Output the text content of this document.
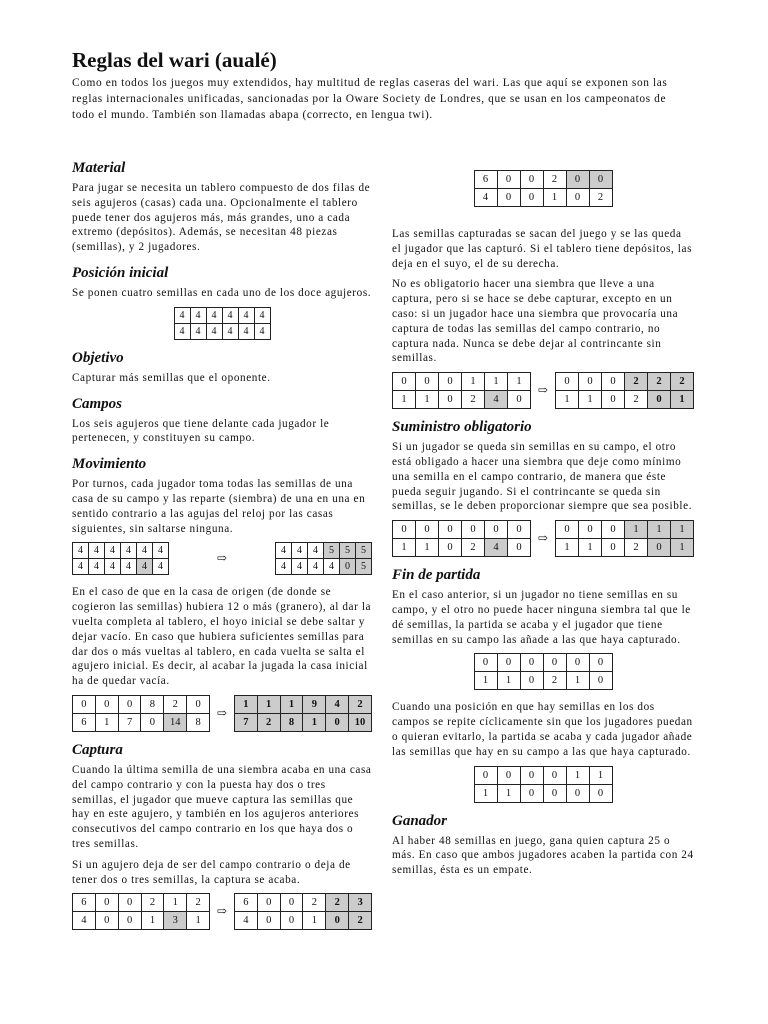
Reglas del wari (aualé)

Como en todos los juegos muy extendidos, hay multitud de reglas caseras del wari. Las que aquí se exponen son las reglas internacionales unificadas, sancionadas por la Oware Society de Londres, que se usan en los campeonatos de todo el mundo. También son llamadas abapa (correcto, en lengua twi).

Material

Para jugar se necesita un tablero compuesto de dos filas de seis agujeros (casas) cada una. Opcionalmente el tablero puede tener dos agujeros más, más grandes, uno a cada extremo (depósitos). Además, se necesitan 48 piezas (semillas), y 2 jugadores.

Posición inicial

Se ponen cuatro semillas en cada uno de los doce agujeros.

4	4	4	4	4	4
4	4	4	4	4	4
Objetivo

Capturar más semillas que el oponente.

Campos

Los seis agujeros que tiene delante cada jugador le pertenecen, y constituyen su campo.

Movimiento

Por turnos, cada jugador toma todas las semillas de una casa de su campo y las reparte (siembra) de una en una en sentido contrario a las agujas del reloj por las casas siguientes, sin saltarse ninguna.

4	4	4	4	4	4
4	4	4	4	4	4
⇨
4	4	4	5	5	5
4	4	4	4	0	5

En el caso de que en la casa de origen (de donde se cogieron las semillas) hubiera 12 o más (granero), al dar la vuelta completa al tablero, el hoyo inicial se debe saltar y dejar vacío. En caso que hubiera suficientes semillas para dar dos o más vueltas al tablero, en cada vuelta se salta el agujero inicial. Es decir, al acabar la jugada la casa inicial ha de quedar vacía.

0	0	0	8	2	0
6	1	7	0	14	8
⇨
1	1	1	9	4	2
7	2	8	1	0	10
Captura

Cuando la última semilla de una siembra acaba en una casa del campo contrario y con la puesta hay dos o tres semillas, el jugador que mueve captura las semillas que hay en este agujero, y también en los agujeros anteriores consecutivos del campo contrario en los que haya dos o tres semillas.

Si un agujero deja de ser del campo contrario o deja de tener dos o tres semillas, la captura se acaba.

6	0	0	2	1	2
4	0	0	1	3	1
⇨
6	0	0	2	2	3
4	0	0	1	0	2
6	0	0	2	0	0
4	0	0	1	0	2

Las semillas capturadas se sacan del juego y se las queda el jugador que las capturó. Si el tablero tiene depósitos, las deja en el suyo, el de su derecha.

No es obligatorio hacer una siembra que lleve a una captura, pero si se hace se debe capturar, excepto en un caso: si un jugador hace una siembra que provocaría una captura de todas las semillas del campo contrario, no captura nada. Nunca se debe dejar al contrincante sin semillas.

0	0	0	1	1	1
1	1	0	2	4	0
⇨
0	0	0	2	2	2
1	1	0	2	0	1
Suministro obligatorio

Si un jugador se queda sin semillas en su campo, el otro está obligado a hacer una siembra que deje como mínimo una semilla en el campo contrario, de manera que éste pueda seguir jugando. Si el contrincante se queda sin semillas, se le deben proporcionar siempre que sea posible.

0	0	0	0	0	0
1	1	0	2	4	0
⇨
0	0	0	1	1	1
1	1	0	2	0	1
Fin de partida

En el caso anterior, si un jugador no tiene semillas en su campo, y el otro no puede hacer ninguna siembra tal que le dé semillas, la partida se acaba y el jugador que tiene semillas en su campo las añade a las que haya capturado.

0	0	0	0	0	0
1	1	0	2	1	0

Cuando una posición en que hay semillas en los dos campos se repite cíclicamente sin que los jugadores puedan o quieran evitarlo, la partida se acaba y cada jugador añade las semillas que hay en su campo a las que haya capturado.

0	0	0	0	1	1
1	1	0	0	0	0
Ganador

Al haber 48 semillas en juego, gana quien captura 25 o más. En caso que ambos jugadores acaben la partida con 24 semillas, ésta es un empate.
